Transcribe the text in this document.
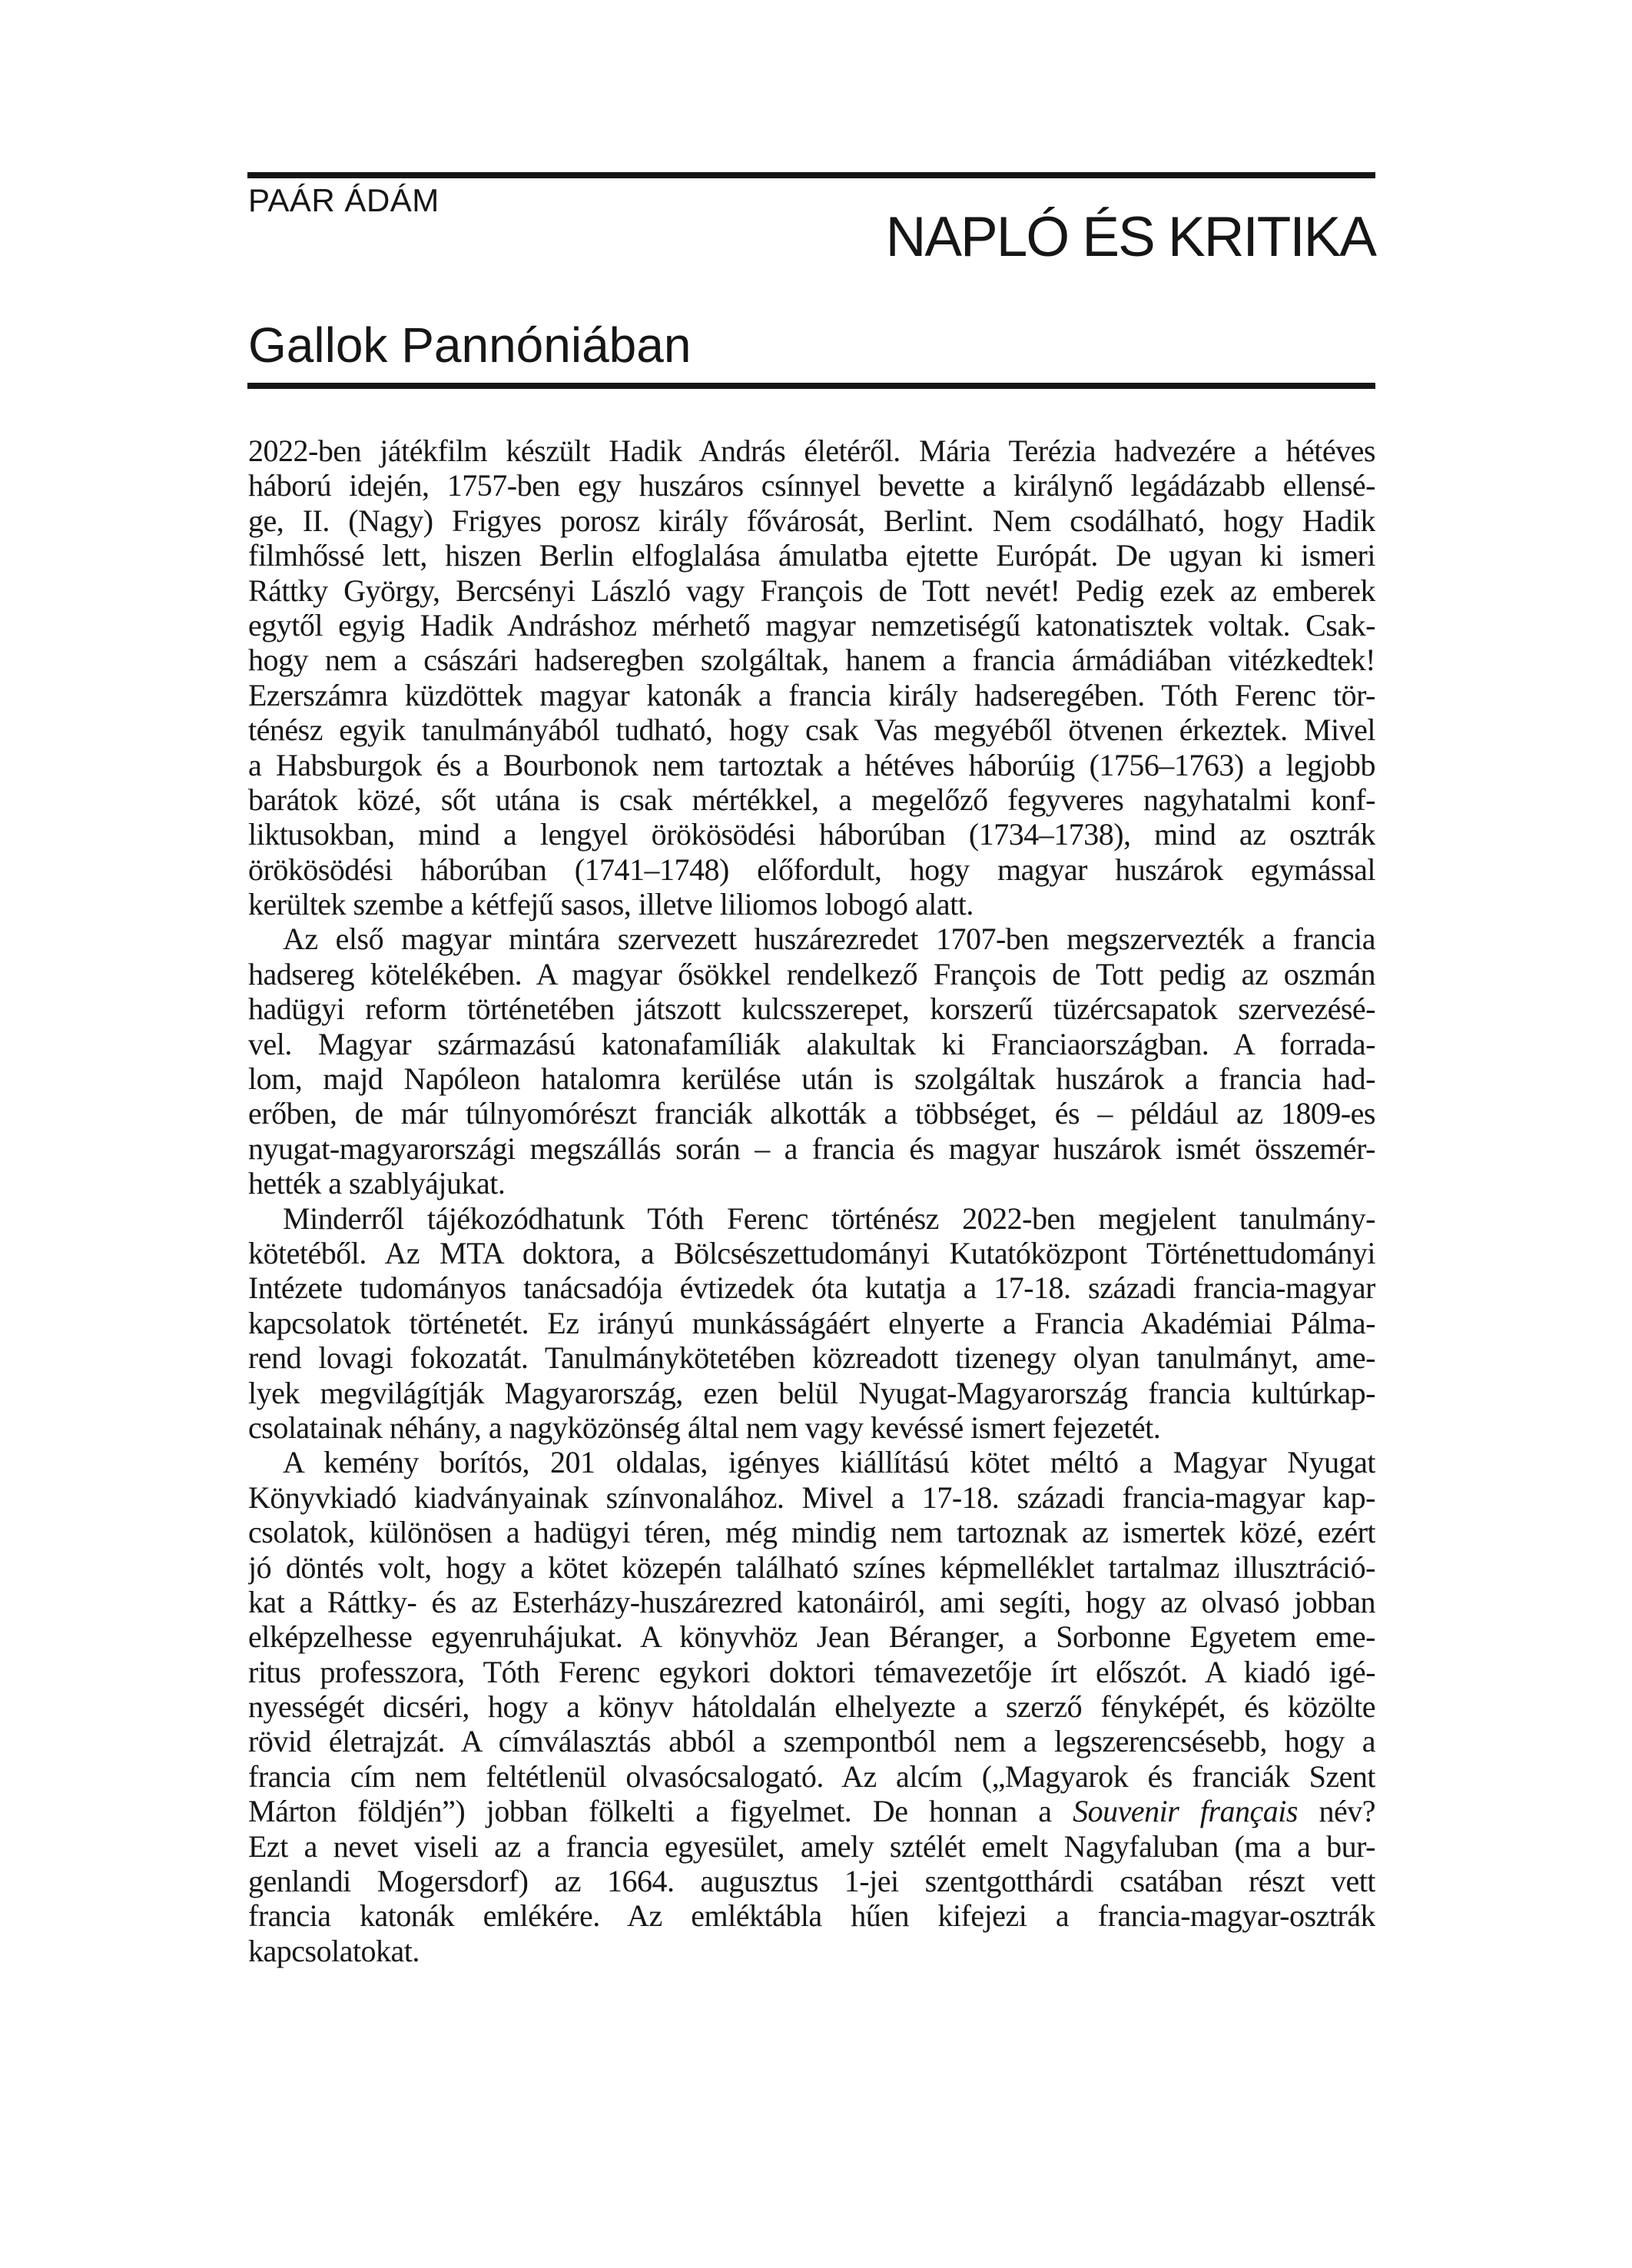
PAÁR ÁDÁM
NAPLÓ ÉS KRITIKA
Gallok Pannóniában
2022-ben játékfilm készült Hadik András életéről. Mária Terézia hadvezére a hétéves
háború idején, 1757-ben egy huszáros csínnyel bevette a királynő legádázabb ellensé-
ge, II. (Nagy) Frigyes porosz király fővárosát, Berlint. Nem csodálható, hogy Hadik
filmhőssé lett, hiszen Berlin elfoglalása ámulatba ejtette Európát. De ugyan ki ismeri
Ráttky György, Bercsényi László vagy François de Tott nevét! Pedig ezek az emberek
egytől egyig Hadik Andráshoz mérhető magyar nemzetiségű katonatisztek voltak. Csak-
hogy nem a császári hadseregben szolgáltak, hanem a francia ármádiában vitézkedtek!
Ezerszámra küzdöttek magyar katonák a francia király hadseregében. Tóth Ferenc tör-
ténész egyik tanulmányából tudható, hogy csak Vas megyéből ötvenen érkeztek. Mivel
a Habsburgok és a Bourbonok nem tartoztak a hétéves háborúig (1756–1763) a legjobb
barátok közé, sőt utána is csak mértékkel, a megelőző fegyveres nagyhatalmi konf-
liktusokban, mind a lengyel örökösödési háborúban (1734–1738), mind az osztrák
örökösödési háborúban (1741–1748) előfordult, hogy magyar huszárok egymással
kerültek szembe a kétfejű sasos, illetve liliomos lobogó alatt.
Az első magyar mintára szervezett huszárezredet 1707-ben megszervezték a francia
hadsereg kötelékében. A magyar ősökkel rendelkező François de Tott pedig az oszmán
hadügyi reform történetében játszott kulcsszerepet, korszerű tüzércsapatok szervezésé-
vel. Magyar származású katonafamíliák alakultak ki Franciaországban. A forrada-
lom, majd Napóleon hatalomra kerülése után is szolgáltak huszárok a francia had-
erőben, de már túlnyomórészt franciák alkották a többséget, és – például az 1809-es
nyugat-magyarországi megszállás során – a francia és magyar huszárok ismét összemér-
hették a szablyájukat.
Minderről tájékozódhatunk Tóth Ferenc történész 2022-ben megjelent tanulmány-
kötetéből. Az MTA doktora, a Bölcsészettudományi Kutatóközpont Történettudományi
Intézete tudományos tanácsadója évtizedek óta kutatja a 17-18. századi francia-magyar
kapcsolatok történetét. Ez irányú munkásságáért elnyerte a Francia Akadémiai Pálma-
rend lovagi fokozatát. Tanulmánykötetében közreadott tizenegy olyan tanulmányt, ame-
lyek megvilágítják Magyarország, ezen belül Nyugat-Magyarország francia kultúrkap-
csolatainak néhány, a nagyközönség által nem vagy kevéssé ismert fejezetét.
A kemény borítós, 201 oldalas, igényes kiállítású kötet méltó a Magyar Nyugat
Könyvkiadó kiadványainak színvonalához. Mivel a 17-18. századi francia-magyar kap-
csolatok, különösen a hadügyi téren, még mindig nem tartoznak az ismertek közé, ezért
jó döntés volt, hogy a kötet közepén található színes képmelléklet tartalmaz illusztráció-
kat a Ráttky- és az Esterházy-huszárezred katonáiról, ami segíti, hogy az olvasó jobban
elképzelhesse egyenruhájukat. A könyvhöz Jean Béranger, a Sorbonne Egyetem eme-
ritus professzora, Tóth Ferenc egykori doktori témavezetője írt előszót. A kiadó igé-
nyességét dicséri, hogy a könyv hátoldalán elhelyezte a szerző fényképét, és közölte
rövid életrajzát. A címválasztás abból a szempontból nem a legszerencsésebb, hogy a
francia cím nem feltétlenül olvasócsalogató. Az alcím („Magyarok és franciák Szent
Márton földjén”) jobban fölkelti a figyelmet. De honnan a Souvenir français név?
Ezt a nevet viseli az a francia egyesület, amely sztélét emelt Nagyfaluban (ma a bur-
genlandi Mogersdorf) az 1664. augusztus 1-jei szentgotthárdi csatában részt vett
francia katonák emlékére. Az emléktábla hűen kifejezi a francia-magyar-osztrák
kapcsolatokat.
